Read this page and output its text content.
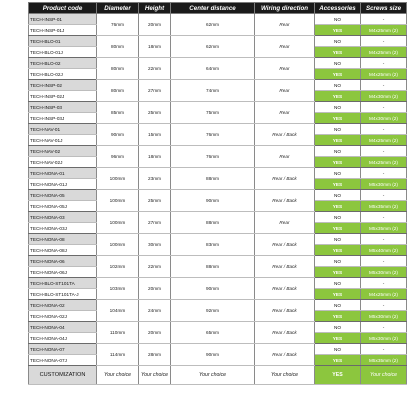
Product code	Diameter	Height	Center distance	Wiring direction	Accessories	Screws size
TECH-INSP-01	76mm	20mm	62mm	Rear	NO	-
TECH-INSP-01J					YES	M4x25mm (2)
TECH-BLO-01	80mm	18mm	62mm	Rear	NO	-
TECH-BLO-01J					YES	M4x25mm (2)
TECH-BLO-02	80mm	22mm	64mm	Rear	NO	-
TECH-BLO-02J					YES	M4x25mm (2)
TECH-INSP-02	80mm	27mm	74mm	Rear	NO	-
TECH-INSP-02J					YES	M4x30mm (2)
TECH-INSP-03	85mm	25mm	75mm	Rear	NO	-
TECH-INSP-03J					YES	M4x30mm (2)
TECH-NAV-01	90mm	15mm	76mm	Rear / Back	NO	-
TECH-NAV-01J					YES	M4x25mm (2)
TECH-NAV-02	96mm	18mm	76mm	Rear	NO	-
TECH-NAV-02J					YES	M4x25mm (2)
TECH-NONA-01	100mm	23mm	88mm	Rear / Back	NO	-
TECH-NONA-01J					YES	M5x30mm (2)
TECH-NONA-05	100mm	25mm	90mm	Rear / Back	NO	-
TECH-NONA-05J					YES	M5x35mm (2)
TECH-NONA-03	100mm	27mm	88mm	Rear	NO	-
TECH-NONA-03J					YES	M5x35mm (2)
TECH-NONA-08	100mm	30mm	83mm	Rear / Back	NO	-
TECH-NONA-08J					YES	M5x40mm (2)
TECH-NONA-06	102mm	22mm	88mm	Rear / Back	NO	-
TECH-NONA-06J					YES	M5x30mm (2)
TECH-BLO-ST101TA	103mm	20mm	90mm	Rear / Back	NO	-
TECH-BLO-ST101TA-J					YES	M4x25mm (2)
TECH-NONA-02	104mm	24mm	92mm	Rear / Back	NO	-
TECH-NONA-02J					YES	M5x30mm (2)
TECH-NONA-04	110mm	20mm	65mm	Rear / Back	NO	-
TECH-NONA-04J					YES	M5x30mm (2)
TECH-NONA-07	114mm	28mm	90mm	Rear / Back	NO	-
TECH-NONA-07J					YES	M5x35mm (2)
CUSTOMIZATION	Your choice	Your choice	Your choice	Your choice	YES	Your choice
